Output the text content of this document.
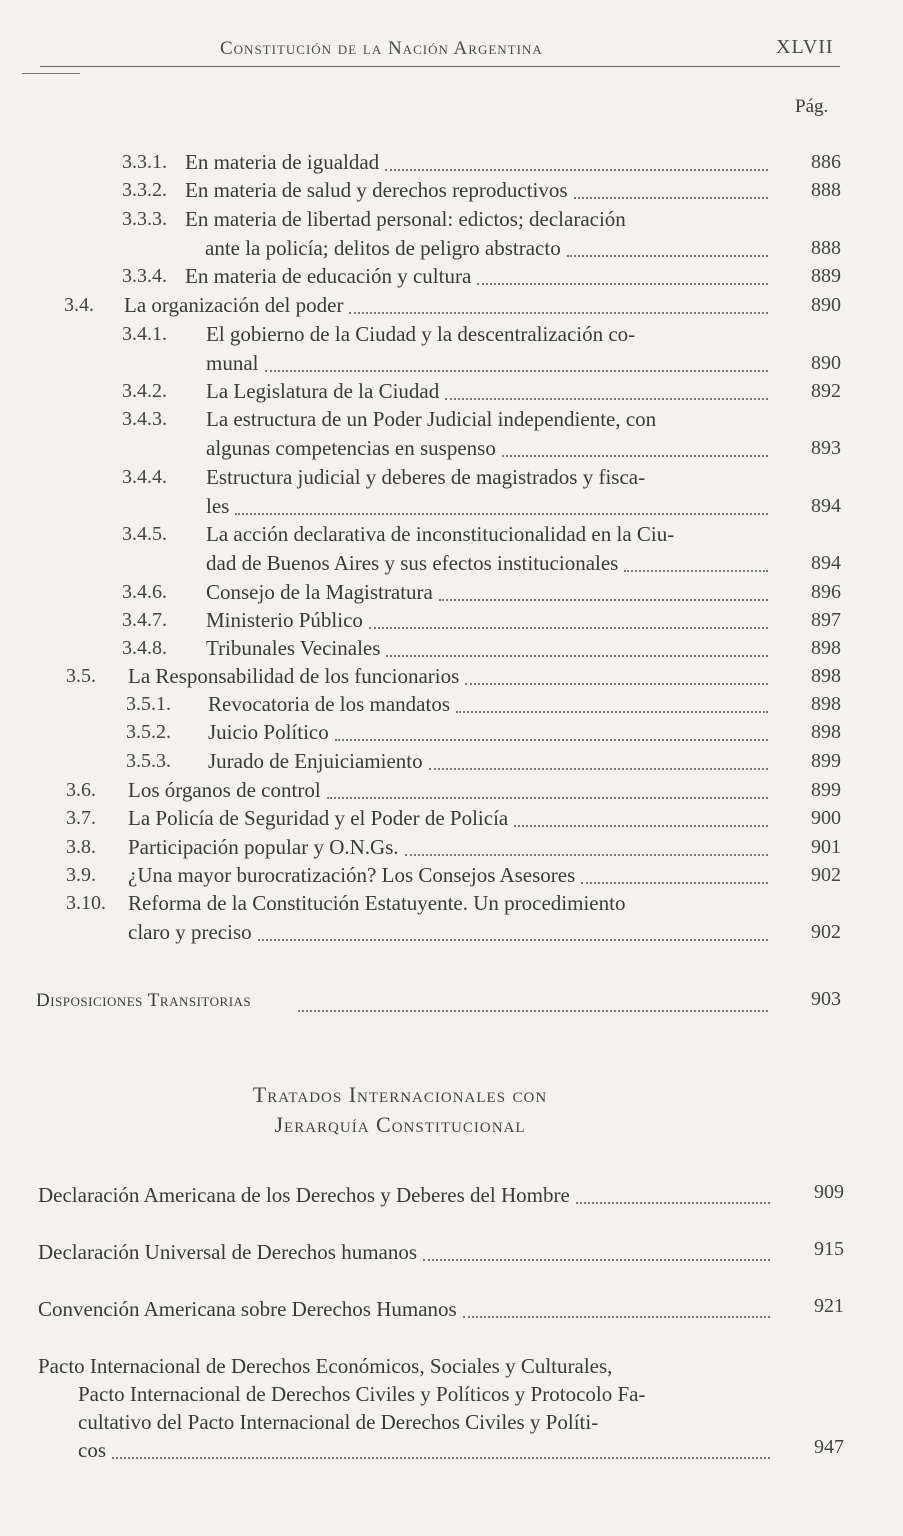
Constitución de la Nación Argentina	XLVII
Pág.
3.3.1. En materia de igualdad	886
3.3.2. En materia de salud y derechos reproductivos	888
3.3.3. En materia de libertad personal: edictos; declaración
ante la policía; delitos de peligro abstracto	888
3.3.4. En materia de educación y cultura	889
3.4. La organización del poder	890
3.4.1. El gobierno de la Ciudad y la descentralización co-
munal	890
3.4.2. La Legislatura de la Ciudad	892
3.4.3. La estructura de un Poder Judicial independiente, con
algunas competencias en suspenso	893
3.4.4. Estructura judicial y deberes de magistrados y fisca-
les	894
3.4.5. La acción declarativa de inconstitucionalidad en la Ciu-
dad de Buenos Aires y sus efectos institucionales	894
3.4.6. Consejo de la Magistratura	896
3.4.7. Ministerio Público	897
3.4.8. Tribunales Vecinales	898
3.5. La Responsabilidad de los funcionarios	898
3.5.1. Revocatoria de los mandatos	898
3.5.2. Juicio Político	898
3.5.3. Jurado de Enjuiciamiento	899
3.6. Los órganos de control	899
3.7. La Policía de Seguridad y el Poder de Policía	900
3.8. Participación popular y O.N.Gs.	901
3.9. ¿Una mayor burocratización? Los Consejos Asesores	902
3.10. Reforma de la Constitución Estatuyente. Un procedimiento
claro y preciso	902
Disposiciones Transitorias	903
Tratados Internacionales con
Jerarquía Constitucional
Declaración Americana de los Derechos y Deberes del Hombre	909
Declaración Universal de Derechos humanos	915
Convención Americana sobre Derechos Humanos	921
Pacto Internacional de Derechos Económicos, Sociales y Culturales,
Pacto Internacional de Derechos Civiles y Políticos y Protocolo Fa-
cultativo del Pacto Internacional de Derechos Civiles y Políti-
cos	947
